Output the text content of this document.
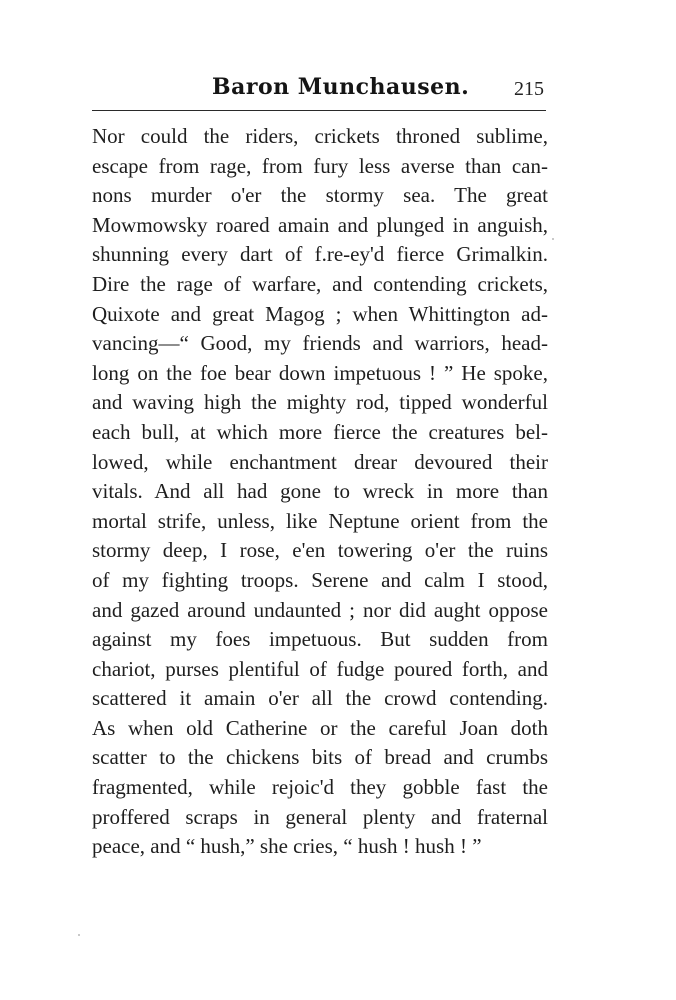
Baron Munchausen. 215
Nor could the riders, crickets throned sublime,
escape from rage, from fury less averse than can-
nons murder o'er the stormy sea. The great
Mowmowsky roared amain and plunged in anguish,
shunning every dart of f.re-ey'd fierce Grimalkin.
Dire the rage of warfare, and contending crickets,
Quixote and great Magog ; when Whittington ad-
vancing—“ Good, my friends and warriors, head-
long on the foe bear down impetuous ! ” He spoke,
and waving high the mighty rod, tipped wonderful
each bull, at which more fierce the creatures bel-
lowed, while enchantment drear devoured their
vitals. And all had gone to wreck in more than
mortal strife, unless, like Neptune orient from the
stormy deep, I rose, e'en towering o'er the ruins
of my fighting troops. Serene and calm I stood,
and gazed around undaunted ; nor did aught oppose
against my foes impetuous. But sudden from
chariot, purses plentiful of fudge poured forth, and
scattered it amain o'er all the crowd contending.
As when old Catherine or the careful Joan doth
scatter to the chickens bits of bread and crumbs
fragmented, while rejoic'd they gobble fast the
proffered scraps in general plenty and fraternal
peace, and “ hush,” she cries, “ hush ! hush ! ”
